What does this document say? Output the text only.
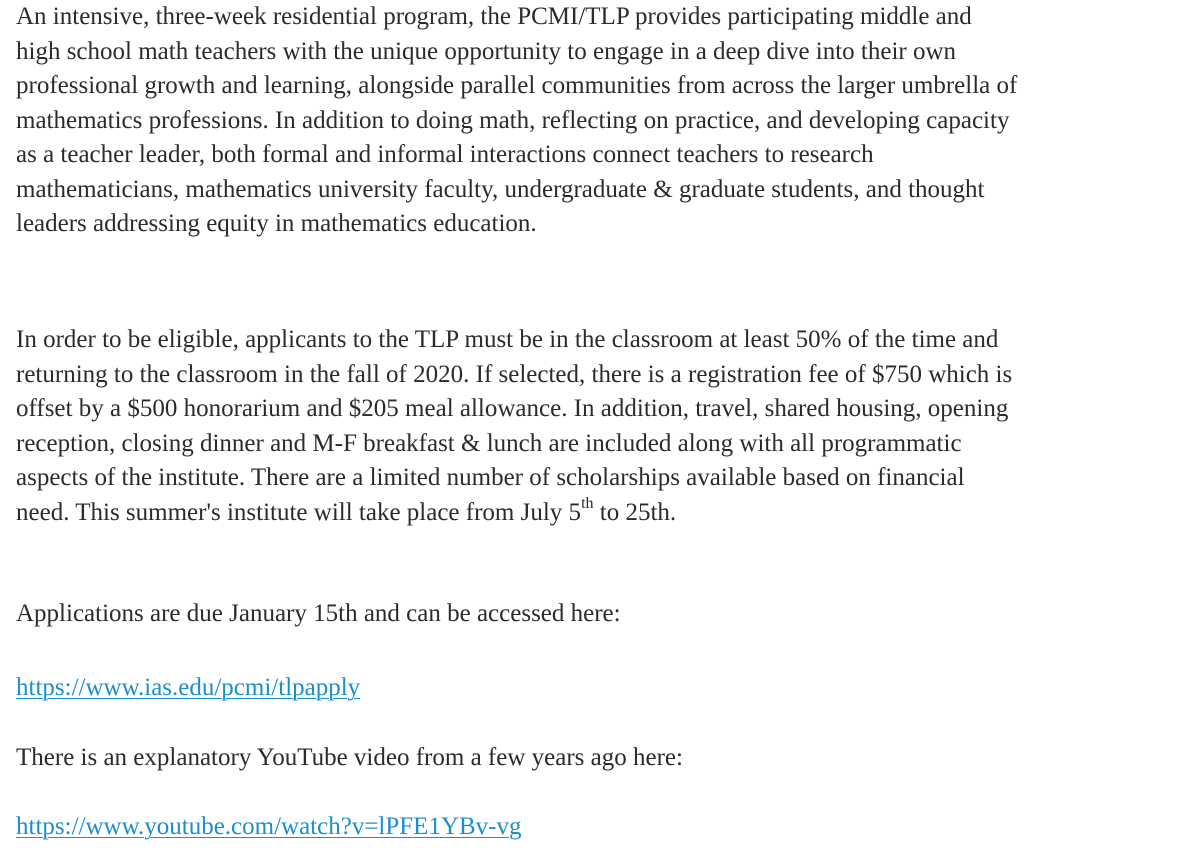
An intensive, three-week residential program, the PCMI/TLP provides participating middle and
high school math teachers with the unique opportunity to engage in a deep dive into their own
professional growth and learning, alongside parallel communities from across the larger umbrella of
mathematics professions. In addition to doing math, reflecting on practice, and developing capacity
as a teacher leader, both formal and informal interactions connect teachers to research
mathematicians, mathematics university faculty, undergraduate & graduate students, and thought
leaders addressing equity in mathematics education.

In order to be eligible, applicants to the TLP must be in the classroom at least 50% of the time and
returning to the classroom in the fall of 2020. If selected, there is a registration fee of $750 which is
offset by a $500 honorarium and $205 meal allowance. In addition, travel, shared housing, opening
reception, closing dinner and M-F breakfast & lunch are included along with all programmatic
aspects of the institute. There are a limited number of scholarships available based on financial
need. This summer's institute will take place from July 5th to 25th.

Applications are due January 15th and can be accessed here:

https://www.ias.edu/pcmi/tlpapply

There is an explanatory YouTube video from a few years ago here:

https://www.youtube.com/watch?v=lPFE1YBv-vg
